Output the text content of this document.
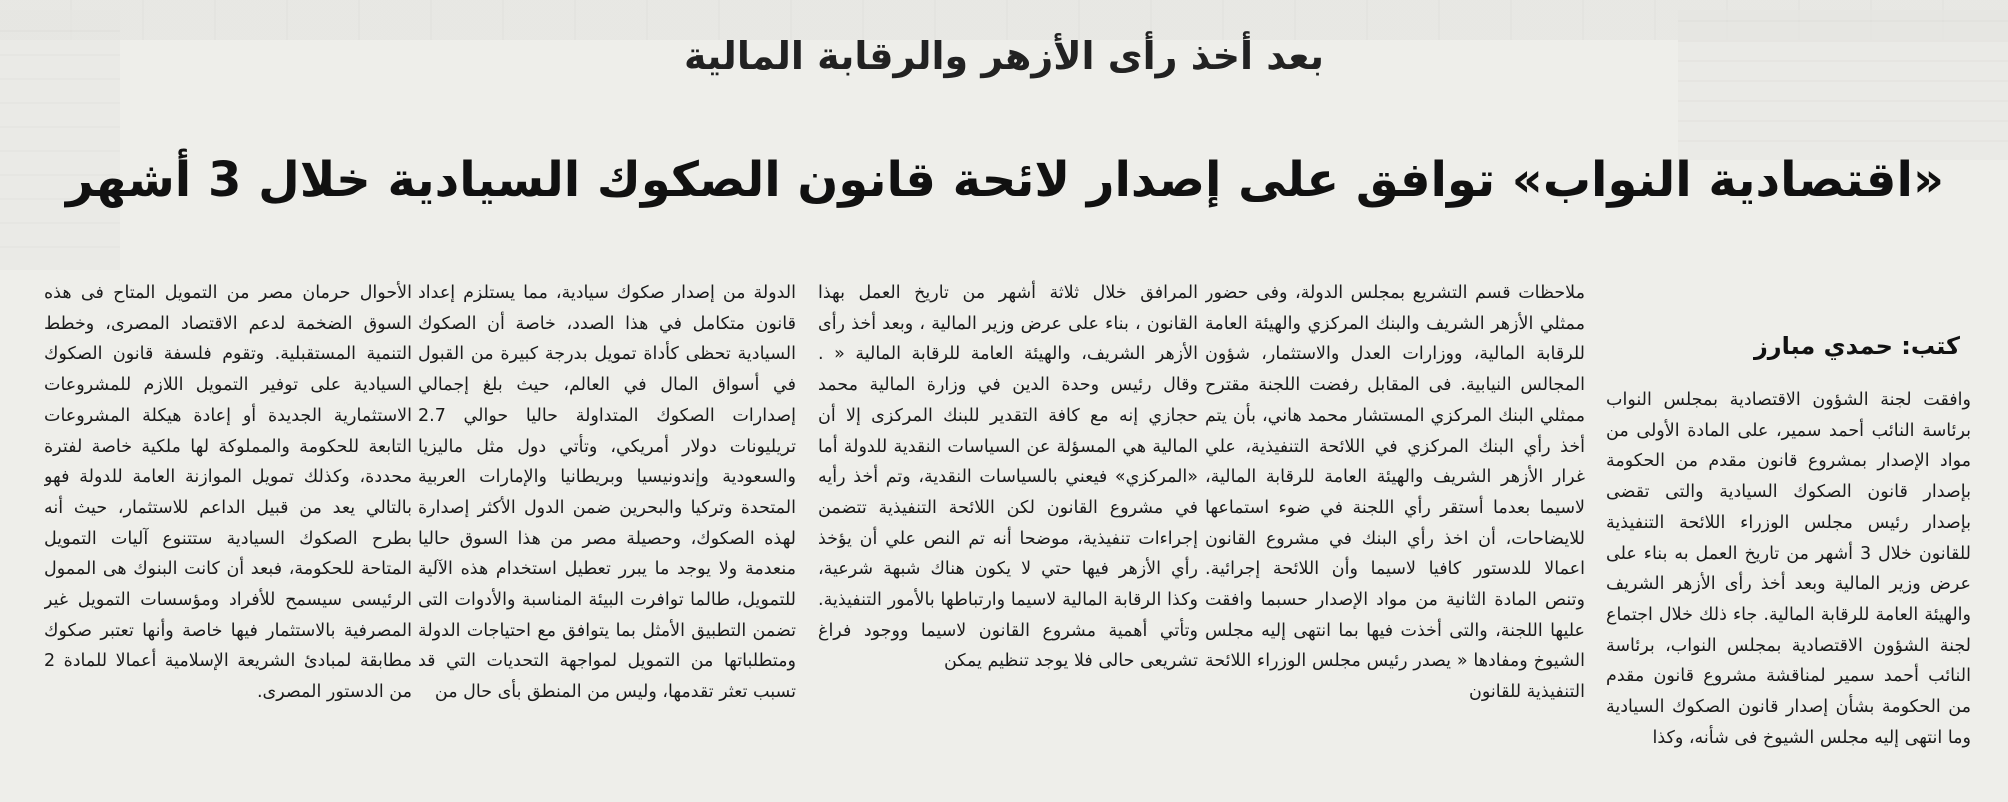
بعد أخذ رأى الأزهر والرقابة المالية
«اقتصادية النواب» توافق على إصدار لائحة قانون الصكوك السيادية خلال 3 أشهر
كتب: حمدي مبارز

وافقت لجنة الشؤون الاقتصادية بمجلس النواب برئاسة النائب أحمد سمير، على المادة الأولى من مواد الإصدار بمشروع قانون مقدم من الحكومة بإصدار قانون الصكوك السيادية والتى تقضى بإصدار رئيس مجلس الوزراء اللائحة التنفيذية للقانون خلال 3 أشهر من تاريخ العمل به بناء على عرض وزير المالية وبعد أخذ رأى الأزهر الشريف والهيئة العامة للرقابة المالية. جاء ذلك خلال اجتماع لجنة الشؤون الاقتصادية بمجلس النواب، برئاسة النائب أحمد سمير لمناقشة مشروع قانون مقدم من الحكومة بشأن إصدار قانون الصكوك السيادية وما انتهى إليه مجلس الشيوخ فى شأنه، وكذا

ملاحظات قسم التشريع بمجلس الدولة، وفى حضور ممثلي الأزهر الشريف والبنك المركزي والهيئة العامة للرقابة المالية، ووزارات العدل والاستثمار، شؤون المجالس النيابية. فى المقابل رفضت اللجنة مقترح ممثلي البنك المركزي المستشار محمد هاني، بأن يتم أخذ رأي البنك المركزي في اللائحة التنفيذية، علي غرار الأزهر الشريف والهيئة العامة للرقابة المالية، لاسيما بعدما أستقر رأي اللجنة في ضوء استماعها للايضاحات، أن اخذ رأي البنك في مشروع القانون اعمالا للدستور كافيا لاسيما وأن اللائحة إجرائية. وتنص المادة الثانية من مواد الإصدار حسبما وافقت عليها اللجنة، والتى أخذت فيها بما انتهى إليه مجلس الشيوخ ومفادها « يصدر رئيس مجلس الوزراء اللائحة التنفيذية للقانون

المرافق خلال ثلاثة أشهر من تاريخ العمل بهذا القانون ، بناء على عرض وزير المالية ، وبعد أخذ رأى الأزهر الشريف، والهيئة العامة للرقابة المالية « . وقال رئيس وحدة الدين في وزارة المالية محمد حجازي إنه مع كافة التقدير للبنك المركزى إلا أن المالية هي المسؤلة عن السياسات النقدية للدولة أما «المركزي» فيعني بالسياسات النقدية، وتم أخذ رأيه في مشروع القانون لكن اللائحة التنفيذية تتضمن إجراءات تنفيذية، موضحا أنه تم النص علي أن يؤخذ رأي الأزهر فيها حتي لا يكون هناك شبهة شرعية، وكذا الرقابة المالية لاسيما وارتباطها بالأمور التنفيذية. وتأتي أهمية مشروع القانون لاسيما ووجود فراغ تشريعى حالى فلا يوجد تنظيم يمكن

الدولة من إصدار صكوك سيادية، مما يستلزم إعداد قانون متكامل في هذا الصدد، خاصة أن الصكوك السيادية تحظى كأداة تمويل بدرجة كبيرة من القبول في أسواق المال في العالم، حيث بلغ إجمالي إصدارات الصكوك المتداولة حاليا حوالي 2.7 تريليونات دولار أمريكي، وتأتي دول مثل ماليزيا والسعودية وإندونيسيا وبريطانيا والإمارات العربية المتحدة وتركيا والبحرين ضمن الدول الأكثر إصدارة لهذه الصكوك، وحصيلة مصر من هذا السوق حاليا منعدمة ولا يوجد ما يبرر تعطيل استخدام هذه الآلية للتمويل، طالما توافرت البيئة المناسبة والأدوات التى تضمن التطبيق الأمثل بما يتوافق مع احتياجات الدولة ومتطلباتها من التمويل لمواجهة التحديات التي قد تسبب تعثر تقدمها، وليس من المنطق بأى حال من

الأحوال حرمان مصر من التمويل المتاح فى هذه السوق الضخمة لدعم الاقتصاد المصرى، وخطط التنمية المستقبلية. وتقوم فلسفة قانون الصكوك السيادية على توفير التمويل اللازم للمشروعات الاستثمارية الجديدة أو إعادة هيكلة المشروعات التابعة للحكومة والمملوكة لها ملكية خاصة لفترة محددة، وكذلك تمويل الموازنة العامة للدولة فهو بالتالي يعد من قبيل الداعم للاستثمار، حيث أنه بطرح الصكوك السيادية ستتنوع آليات التمويل المتاحة للحكومة، فبعد أن كانت البنوك هى الممول الرئيسى سيسمح للأفراد ومؤسسات التمويل غير المصرفية بالاستثمار فيها خاصة وأنها تعتبر صكوك مطابقة لمبادئ الشريعة الإسلامية أعمالا للمادة 2 من الدستور المصرى.
